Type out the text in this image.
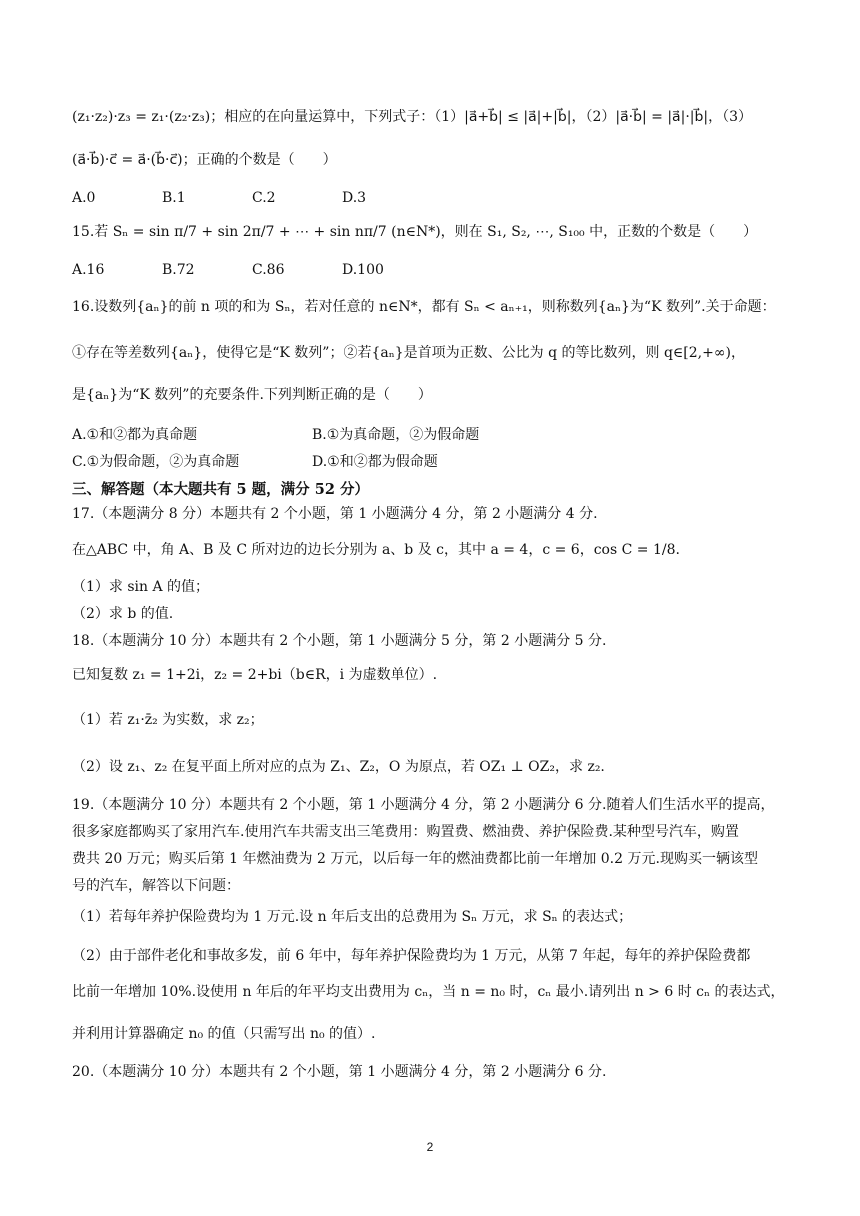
(z₁·z₂)·z₃ = z₁·(z₂·z₃)；相应的在向量运算中，下列式子：（1）|a⃗+b⃗| ≤ |a⃗|+|b⃗|，（2）|a⃗·b⃗| = |a⃗|·|b⃗|，（3）
(a⃗·b⃗)·c⃗ = a⃗·(b⃗·c⃗)；正确的个数是（　　）
A.0	B.1	C.2	D.3
15.若 Sₙ = sin π/7 + sin 2π/7 + ⋯ + sin nπ/7 (n∈N*)，则在 S₁, S₂, ⋯, S₁₀₀ 中，正数的个数是（　　）
A.16	B.72	C.86	D.100
16.设数列{aₙ}的前 n 项的和为 Sₙ，若对任意的 n∈N*，都有 Sₙ < aₙ₊₁，则称数列{aₙ}为“K 数列”.关于命题：
①存在等差数列{aₙ}，使得它是“K 数列”；②若{aₙ}是首项为正数、公比为 q 的等比数列，则 q∈[2,+∞)，
是{aₙ}为“K 数列”的充要条件.下列判断正确的是（　　）
A.①和②都为真命题	B.①为真命题，②为假命题
C.①为假命题，②为真命题	D.①和②都为假命题
三、解答题（本大题共有 5 题，满分 52 分）
17.（本题满分 8 分）本题共有 2 个小题，第 1 小题满分 4 分，第 2 小题满分 4 分.
在△ABC 中，角 A、B 及 C 所对边的边长分别为 a、b 及 c，其中 a = 4，c = 6，cos C = 1/8.
（1）求 sin A 的值；
（2）求 b 的值.
18.（本题满分 10 分）本题共有 2 个小题，第 1 小题满分 5 分，第 2 小题满分 5 分.
已知复数 z₁ = 1+2i，z₂ = 2+bi（b∈R，i 为虚数单位）.
（1）若 z₁·z̄₂ 为实数，求 z₂；
（2）设 z₁、z₂ 在复平面上所对应的点为 Z₁、Z₂，O 为原点，若 OZ₁ ⊥ OZ₂，求 z₂.
19.（本题满分 10 分）本题共有 2 个小题，第 1 小题满分 4 分，第 2 小题满分 6 分.随着人们生活水平的提高，
很多家庭都购买了家用汽车.使用汽车共需支出三笔费用：购置费、燃油费、养护保险费.某种型号汽车，购置
费共 20 万元；购买后第 1 年燃油费为 2 万元，以后每一年的燃油费都比前一年增加 0.2 万元.现购买一辆该型
号的汽车，解答以下问题：
（1）若每年养护保险费均为 1 万元.设 n 年后支出的总费用为 Sₙ 万元，求 Sₙ 的表达式；
（2）由于部件老化和事故多发，前 6 年中，每年养护保险费均为 1 万元，从第 7 年起，每年的养护保险费都
比前一年增加 10%.设使用 n 年后的年平均支出费用为 cₙ，当 n = n₀ 时，cₙ 最小.请列出 n > 6 时 cₙ 的表达式，
并利用计算器确定 n₀ 的值（只需写出 n₀ 的值）.
20.（本题满分 10 分）本题共有 2 个小题，第 1 小题满分 4 分，第 2 小题满分 6 分.
2
